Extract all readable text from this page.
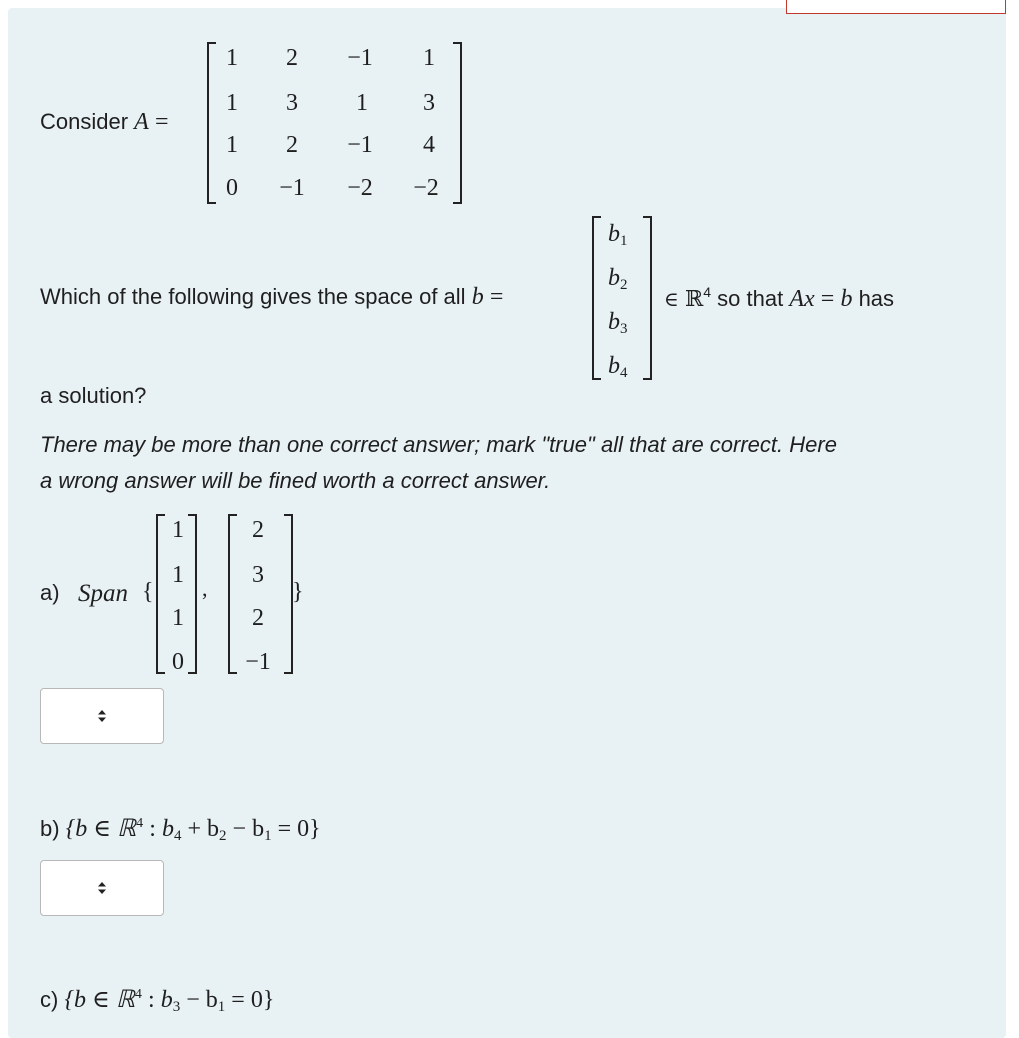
Consider A =
1	2	−1	1
1	3	1	3
1	2	−1	4
0	−1	−2	−2
Which of the following gives the space of all b =
$b_1$
$b_2$
$b_3$
$b_4$
∈ ℝ$^4$ so that Ax = b has
a solution?
There may be more than one correct answer; mark "true" all that are correct. Here
a wrong answer will be fined worth a correct answer.
a) Span {
1
1
1
0
,
2
3
2
−1
}
b) {b ∈ ℝ$^4$ : $b_4 + b_2 - b_1 = 0$}
c) {b ∈ ℝ$^4$ : $b_3 - b_1 = 0$}
